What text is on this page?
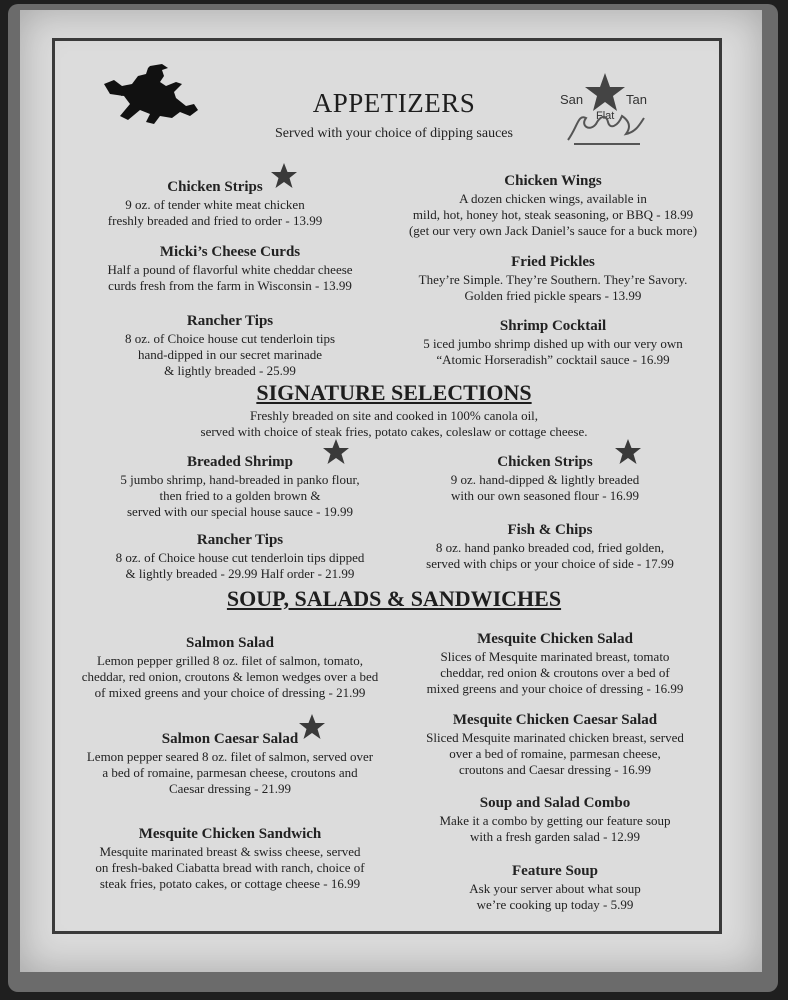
San	Tan
Flat
APPETIZERS
Served with your choice of dipping sauces
Chicken Strips
9 oz. of tender white meat chicken
freshly breaded and fried to order - 13.99
Chicken Wings
A dozen chicken wings, available in
mild, hot, honey hot, steak seasoning, or BBQ - 18.99
(get our very own Jack Daniel’s sauce for a buck more)
Micki’s Cheese Curds
Half a pound of flavorful white cheddar cheese
curds fresh from the farm in Wisconsin - 13.99
Fried Pickles
They’re Simple. They’re Southern. They’re Savory.
Golden fried pickle spears - 13.99
Rancher Tips
8 oz. of Choice house cut tenderloin tips
hand-dipped in our secret marinade
& lightly breaded - 25.99
Shrimp Cocktail
5 iced jumbo shrimp dished up with our very own
“Atomic Horseradish” cocktail sauce - 16.99
SIGNATURE SELECTIONS
Freshly breaded on site and cooked in 100% canola oil,
served with choice of steak fries, potato cakes, coleslaw or cottage cheese.
Breaded Shrimp
5 jumbo shrimp, hand-breaded in panko flour,
then fried to a golden brown &
served with our special house sauce - 19.99
Chicken Strips
9 oz. hand-dipped & lightly breaded
with our own seasoned flour - 16.99
Rancher Tips
8 oz. of Choice house cut tenderloin tips dipped
& lightly breaded - 29.99 Half order - 21.99
Fish & Chips
8 oz. hand panko breaded cod, fried golden,
served with chips or your choice of side - 17.99
SOUP, SALADS & SANDWICHES
Salmon Salad
Lemon pepper grilled 8 oz. filet of salmon, tomato,
cheddar, red onion, croutons & lemon wedges over a bed
of mixed greens and your choice of dressing - 21.99
Mesquite Chicken Salad
Slices of Mesquite marinated breast, tomato
cheddar, red onion & croutons over a bed of
mixed greens and your choice of dressing - 16.99
Mesquite Chicken Caesar Salad
Sliced Mesquite marinated chicken breast, served
over a bed of romaine, parmesan cheese,
croutons and Caesar dressing - 16.99
Salmon Caesar Salad
Lemon pepper seared 8 oz. filet of salmon, served over
a bed of romaine, parmesan cheese, croutons and
Caesar dressing - 21.99
Soup and Salad Combo
Make it a combo by getting our feature soup
with a fresh garden salad - 12.99
Mesquite Chicken Sandwich
Mesquite marinated breast & swiss cheese, served
on fresh-baked Ciabatta bread with ranch, choice of
steak fries, potato cakes, or cottage cheese - 16.99
Feature Soup
Ask your server about what soup
we’re cooking up today - 5.99
